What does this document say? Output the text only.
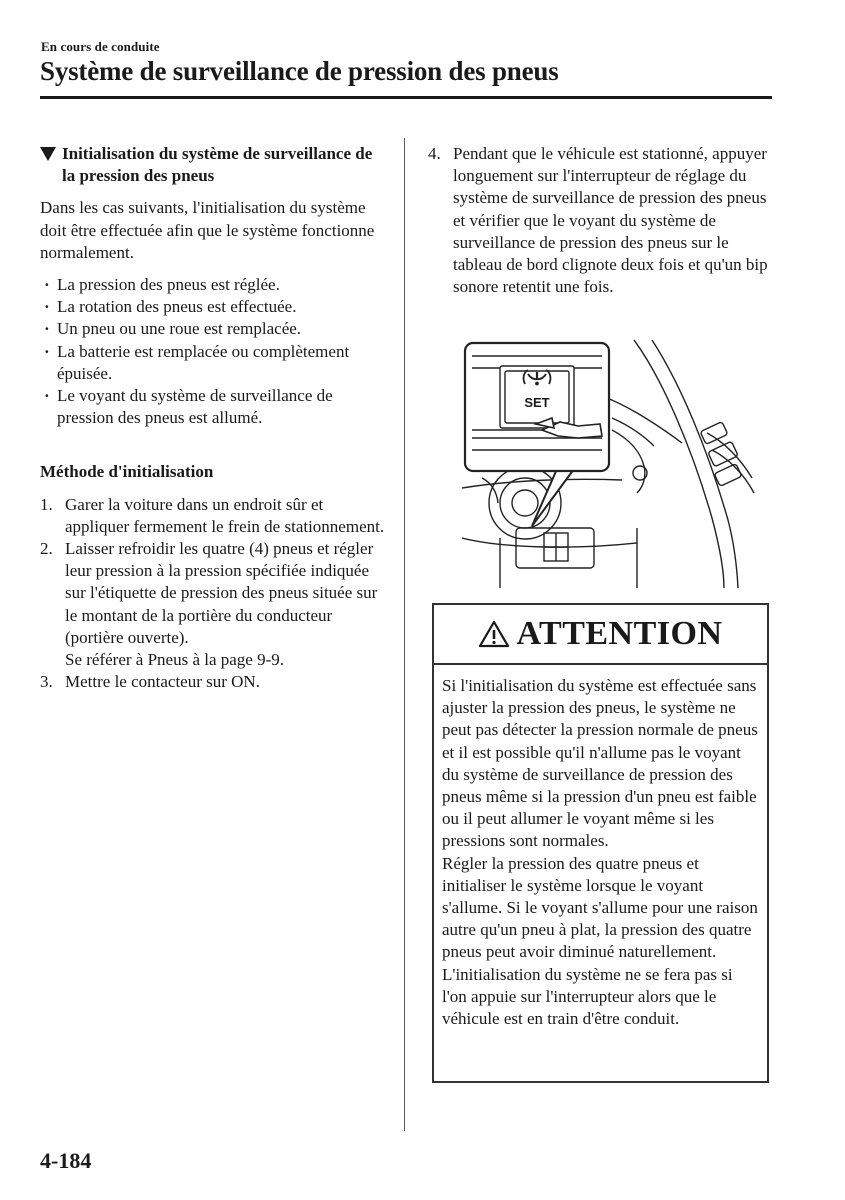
En cours de conduite
Système de surveillance de pression des pneus
Initialisation du système de surveillance de la pression des pneus

Dans les cas suivants, l'initialisation du système doit être effectuée afin que le système fonctionne normalement.

· La pression des pneus est réglée.
· La rotation des pneus est effectuée.
· Un pneu ou une roue est remplacée.
· La batterie est remplacée ou complètement épuisée.
· Le voyant du système de surveillance de pression des pneus est allumé.
Méthode d'initialisation
1. Garer la voiture dans un endroit sûr et appliquer fermement le frein de stationnement.
2. Laisser refroidir les quatre (4) pneus et régler leur pression à la pression spécifiée indiquée sur l'étiquette de pression des pneus située sur le montant de la portière du conducteur (portière ouverte).
Se référer à Pneus à la page 9-9.
3. Mettre le contacteur sur ON.
4. Pendant que le véhicule est stationné, appuyer longuement sur l'interrupteur de réglage du système de surveillance de pression des pneus et vérifier que le voyant du système de surveillance de pression des pneus sur le tableau de bord clignote deux fois et qu'un bip sonore retentit une fois.
SET
ATTENTION

Si l'initialisation du système est effectuée sans ajuster la pression des pneus, le système ne peut pas détecter la pression normale de pneus et il est possible qu'il n'allume pas le voyant du système de surveillance de pression des pneus même si la pression d'un pneu est faible ou il peut allumer le voyant même si les pressions sont normales.

Régler la pression des quatre pneus et initialiser le système lorsque le voyant s'allume. Si le voyant s'allume pour une raison autre qu'un pneu à plat, la pression des quatre pneus peut avoir diminué naturellement.

L'initialisation du système ne se fera pas si l'on appuie sur l'interrupteur alors que le véhicule est en train d'être conduit.

4-184
